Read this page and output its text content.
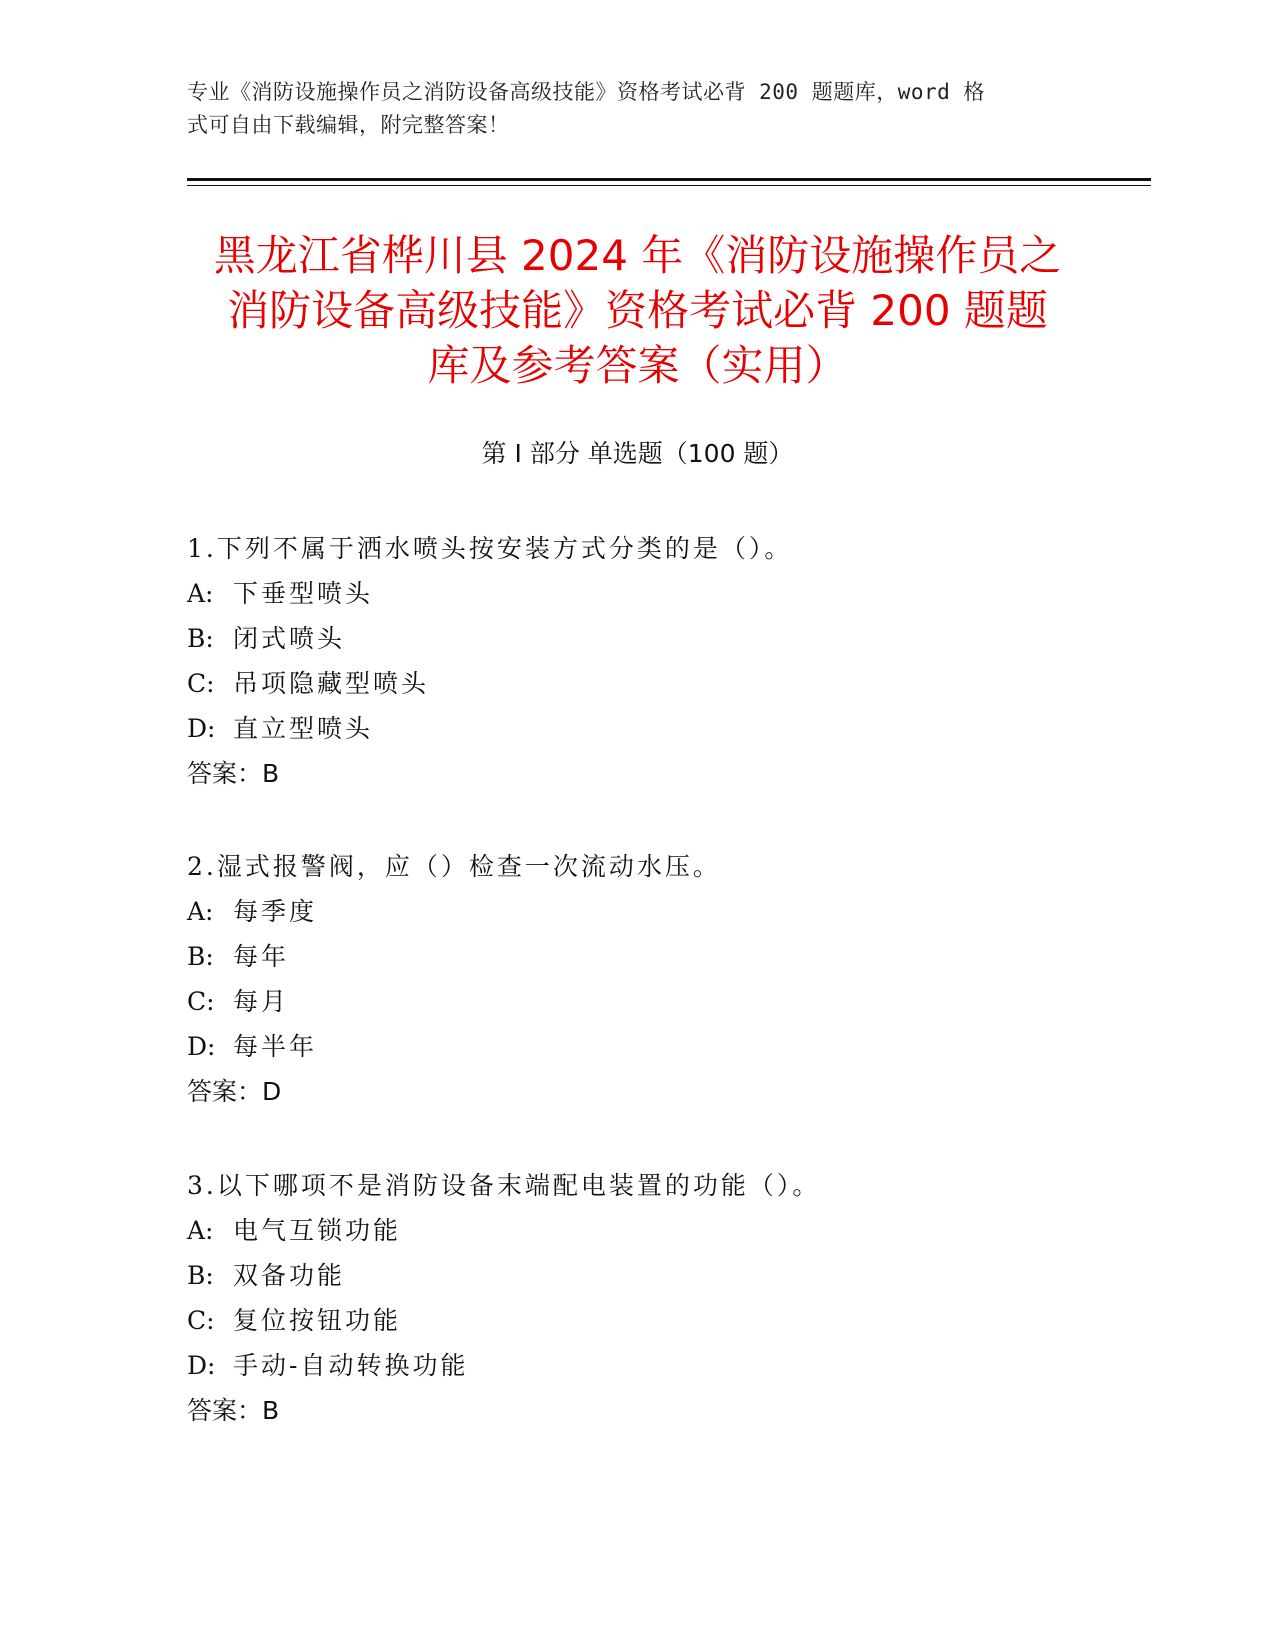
专业《消防设施操作员之消防设备高级技能》资格考试必背 200 题题库，word 格
式可自由下载编辑，附完整答案！
黑龙江省桦川县 2024 年《消防设施操作员之
消防设备高级技能》资格考试必背 200 题题
库及参考答案（实用）
第 I 部分 单选题（100 题）
1.下列不属于洒水喷头按安装方式分类的是（）。
A: 下垂型喷头
B: 闭式喷头
C: 吊项隐藏型喷头
D: 直立型喷头
答案：B
2.湿式报警阀，应（）检查一次流动水压。
A: 每季度
B: 每年
C: 每月
D: 每半年
答案：D
3.以下哪项不是消防设备末端配电装置的功能（）。
A: 电气互锁功能
B: 双备功能
C: 复位按钮功能
D: 手动-自动转换功能
答案：B
